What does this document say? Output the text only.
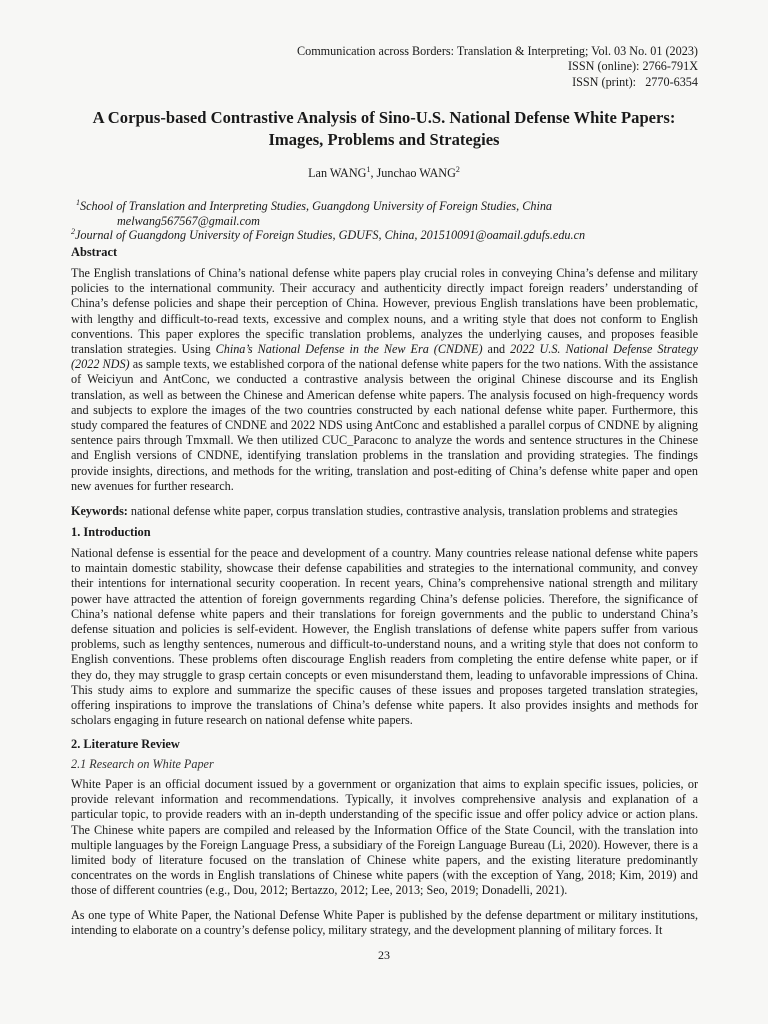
Communication across Borders: Translation & Interpreting; Vol. 03 No. 01 (2023)
ISSN (online): 2766-791X
ISSN (print):   2770-6354
A Corpus-based Contrastive Analysis of Sino-U.S. National Defense White Papers:
Images, Problems and Strategies
Lan WANG$^1$, Junchao WANG$^2$
$^1$School of Translation and Interpreting Studies, Guangdong University of Foreign Studies, China
melwang567567@gmail.com
$^2$Journal of Guangdong University of Foreign Studies, GDUFS, China, 201510091@oamail.gdufs.edu.cn
Abstract
The English translations of China’s national defense white papers play crucial roles in conveying China’s defense and military policies to the international community. Their accuracy and authenticity directly impact foreign readers’ understanding of China’s defense policies and shape their perception of China. However, previous English translations have been problematic, with lengthy and difficult-to-read texts, excessive and complex nouns, and a writing style that does not conform to English conventions. This paper explores the specific translation problems, analyzes the underlying causes, and proposes feasible translation strategies. Using China’s National Defense in the New Era (CNDNE) and 2022 U.S. National Defense Strategy (2022 NDS) as sample texts, we established corpora of the national defense white papers for the two nations. With the assistance of Weiciyun and AntConc, we conducted a contrastive analysis between the original Chinese discourse and its English translation, as well as between the Chinese and American defense white papers. The analysis focused on high-frequency words and subjects to explore the images of the two countries constructed by each national defense white paper. Furthermore, this study compared the features of CNDNE and 2022 NDS using AntConc and established a parallel corpus of CNDNE by aligning sentence pairs through Tmxmall. We then utilized CUC_Paraconc to analyze the words and sentence structures in the Chinese and English versions of CNDNE, identifying translation problems in the translation and providing strategies. The findings provide insights, directions, and methods for the writing, translation and post-editing of China’s defense white paper and open new avenues for further research.
Keywords: national defense white paper, corpus translation studies, contrastive analysis, translation problems and strategies
1. Introduction
National defense is essential for the peace and development of a country. Many countries release national defense white papers to maintain domestic stability, showcase their defense capabilities and strategies to the international community, and convey their intentions for international security cooperation. In recent years, China’s comprehensive national strength and military power have attracted the attention of foreign governments regarding China’s defense policies. Therefore, the significance of China’s national defense white papers and their translations for foreign governments and the public to understand China’s defense situation and policies is self-evident. However, the English translations of defense white papers suffer from various problems, such as lengthy sentences, numerous and difficult-to-understand nouns, and a writing style that does not conform to English conventions. These problems often discourage English readers from completing the entire defense white paper, or if they do, they may struggle to grasp certain concepts or even misunderstand them, leading to unfavorable impressions of China. This study aims to explore and summarize the specific causes of these issues and proposes targeted translation strategies, offering inspirations to improve the translations of China’s defense white papers. It also provides insights and methods for scholars engaging in future research on national defense white papers.
2. Literature Review
2.1 Research on White Paper
White Paper is an official document issued by a government or organization that aims to explain specific issues, policies, or provide relevant information and recommendations. Typically, it involves comprehensive analysis and explanation of a particular topic, to provide readers with an in-depth understanding of the specific issue and offer policy advice or action plans. The Chinese white papers are compiled and released by the Information Office of the State Council, with the translation into multiple languages by the Foreign Language Press, a subsidiary of the Foreign Language Bureau (Li, 2020). However, there is a limited body of literature focused on the translation of Chinese white papers, and the existing literature predominantly concentrates on the words in English translations of Chinese white papers (with the exception of Yang, 2018; Kim, 2019) and those of different countries (e.g., Dou, 2012; Bertazzo, 2012; Lee, 2013; Seo, 2019; Donadelli, 2021).
As one type of White Paper, the National Defense White Paper is published by the defense department or military institutions, intending to elaborate on a country’s defense policy, military strategy, and the development planning of military forces. It
23
